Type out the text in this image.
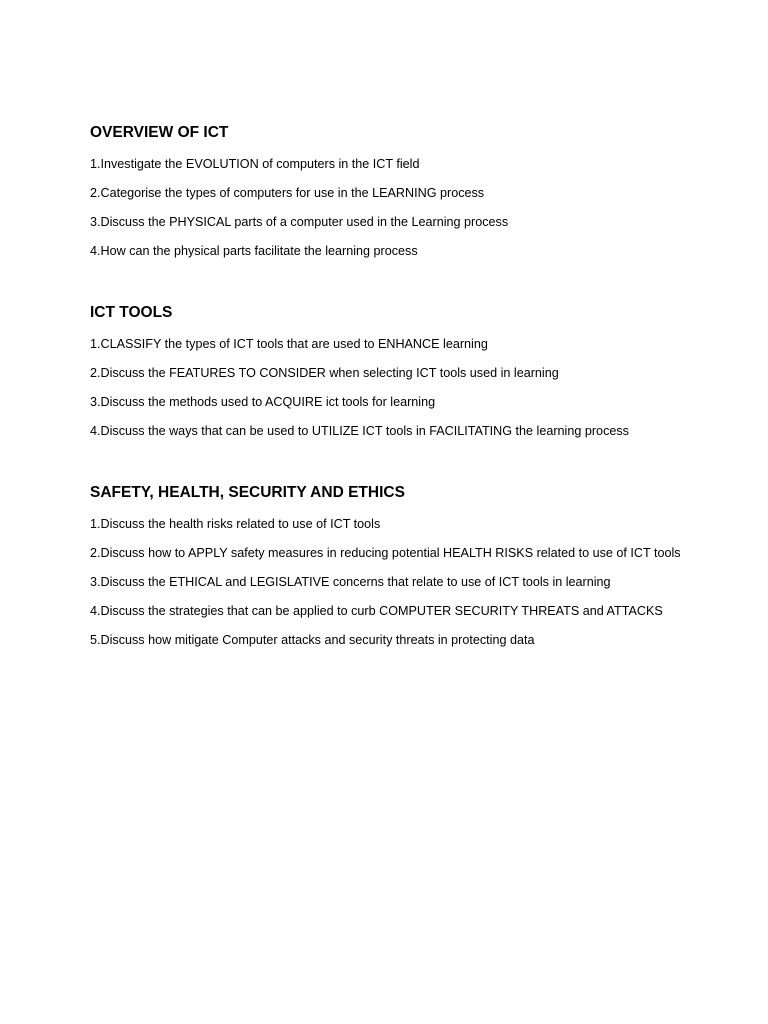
OVERVIEW OF ICT
1.Investigate the EVOLUTION of computers in the ICT field
2.Categorise the types of computers for use in the LEARNING process
3.Discuss the PHYSICAL parts of a computer used in the Learning process
4.How can the physical parts facilitate the learning process
ICT TOOLS
1.CLASSIFY the types of ICT tools that are used to ENHANCE learning
2.Discuss the FEATURES TO CONSIDER when selecting ICT tools used in learning
3.Discuss the methods used to ACQUIRE ict tools for learning
4.Discuss the ways that can be used to UTILIZE ICT tools in FACILITATING the learning process
SAFETY, HEALTH, SECURITY AND ETHICS
1.Discuss the health risks related to use of ICT tools
2.Discuss how to APPLY safety measures in reducing potential HEALTH RISKS related to use of ICT tools
3.Discuss the ETHICAL and LEGISLATIVE concerns that relate to use of ICT tools in learning
4.Discuss the strategies that can be applied to curb COMPUTER SECURITY THREATS and ATTACKS
5.Discuss how mitigate Computer attacks and security threats in protecting data
